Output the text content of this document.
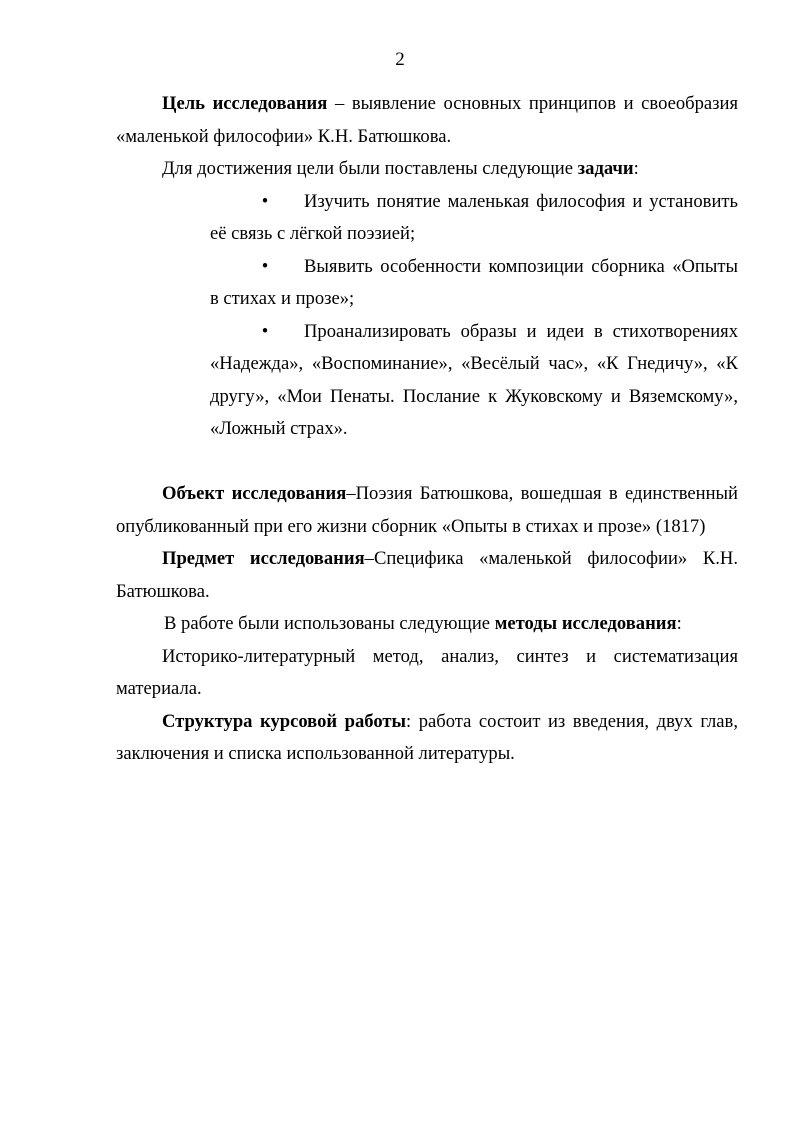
2

Цель исследования – выявление основных принципов и своеобразия «маленькой философии» К.Н. Батюшкова.

Для достижения цели были поставлены следующие задачи:

•	Изучить понятие маленькая философия и установить
её связь с лёгкой поэзией;

•	Выявить особенности композиции сборника «Опыты
в стихах и прозе»;

•	Проанализировать образы и идеи в стихотворениях
«Надежда», «Воспоминание», «Весёлый час», «К Гнедичу», «К другу», «Мои Пенаты. Послание к Жуковскому и Вяземскому», «Ложный страх».

Объект исследования–Поэзия Батюшкова, вошедшая в единственный опубликованный при его жизни сборник «Опыты в стихах и прозе» (1817)

Предмет исследования–Специфика «маленькой философии» К.Н. Батюшкова.

В работе были использованы следующие методы исследования:

Историко-литературный метод, анализ, синтез и систематизация материала.

Структура курсовой работы: работа состоит из введения, двух глав, заключения и списка использованной литературы.
